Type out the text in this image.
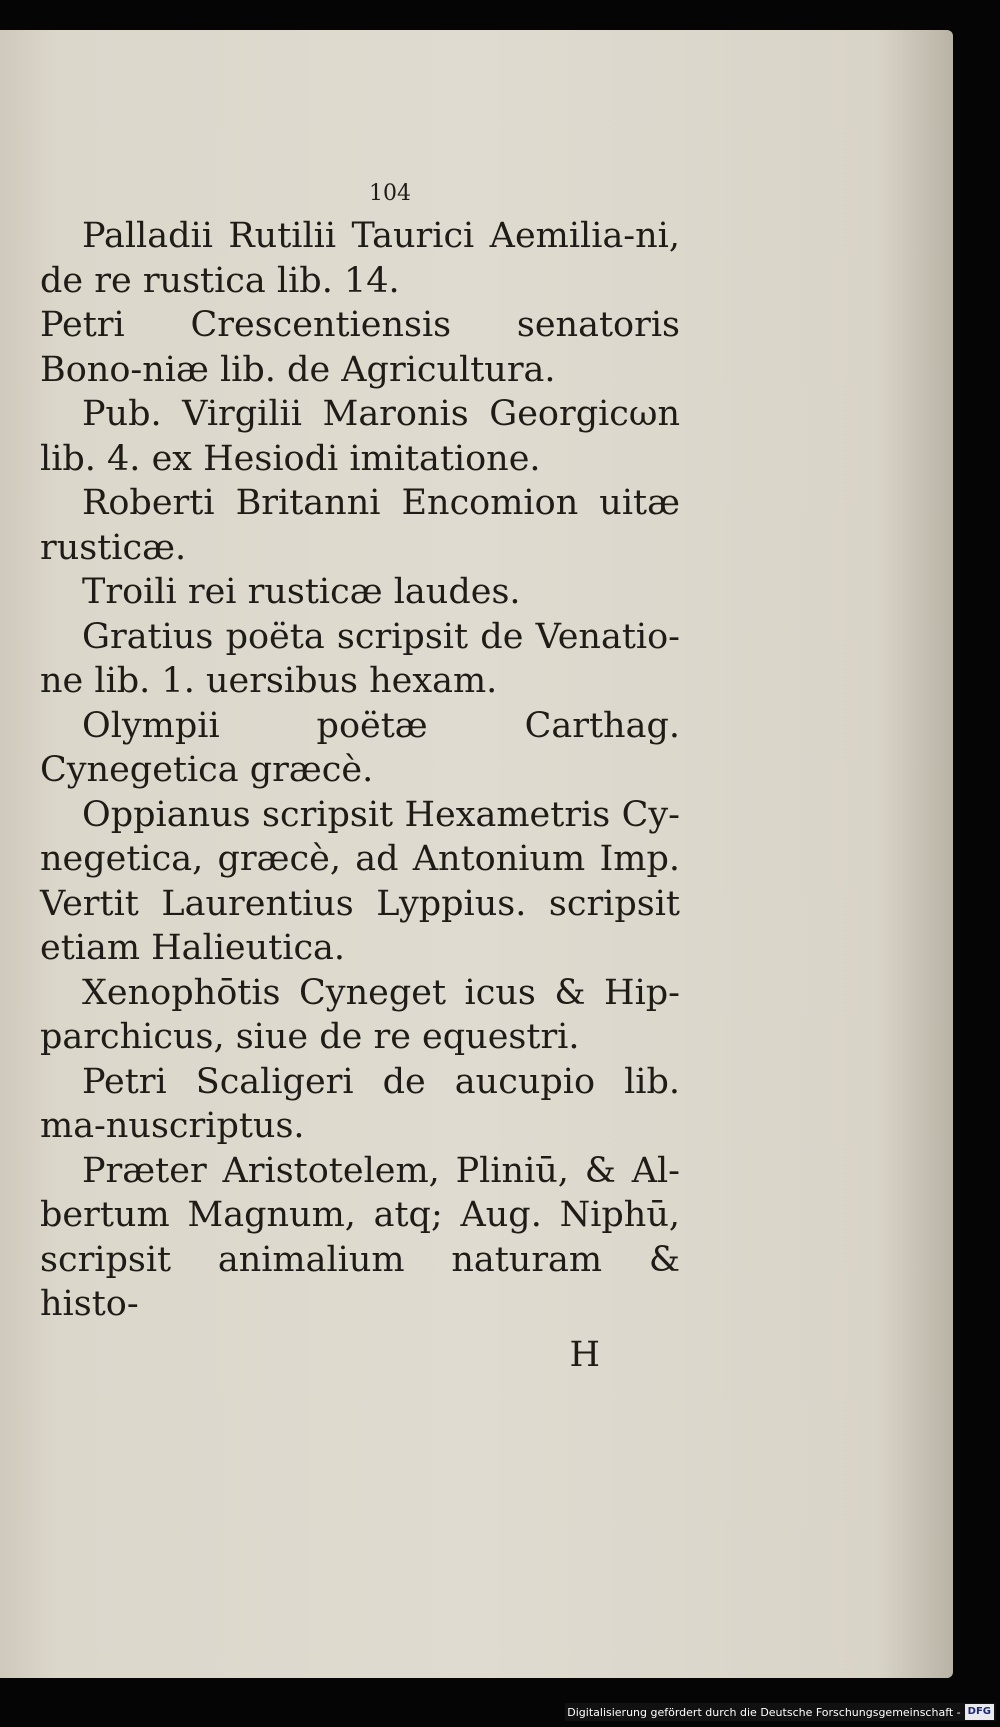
104

Palladii Rutilii Taurici Aemilia-ni, de re rustica lib. 14.

Petri Crescentiensis senatoris Bono-niæ lib. de Agricultura.

Pub. Virgilii Maronis Georgicωn lib. 4. ex Hesiodi imitatione.

Roberti Britanni Encomion uitæ rusticæ.

Troili rei rusticæ laudes.

Gratius poëta scripsit de Venatio-ne lib. 1. uersibus hexam.

Olympii poëtæ Carthag. Cynegetica græcè.

Oppianus scripsit Hexametris Cy-negetica, græcè, ad Antonium Imp. Vertit Laurentius Lyppius. scripsit etiam Halieutica.

Xenophōtis Cyneget icus & Hip-parchicus, siue de re equestri.

Petri Scaligeri de aucupio lib. ma-nuscriptus.

Præter Aristotelem, Pliniū, & Al-bertum Magnum, atq; Aug. Niphū, scripsit animalium naturam & histo-

H
Digitalisierung gefördert durch die Deutsche Forschungsgemeinschaft - DFG
